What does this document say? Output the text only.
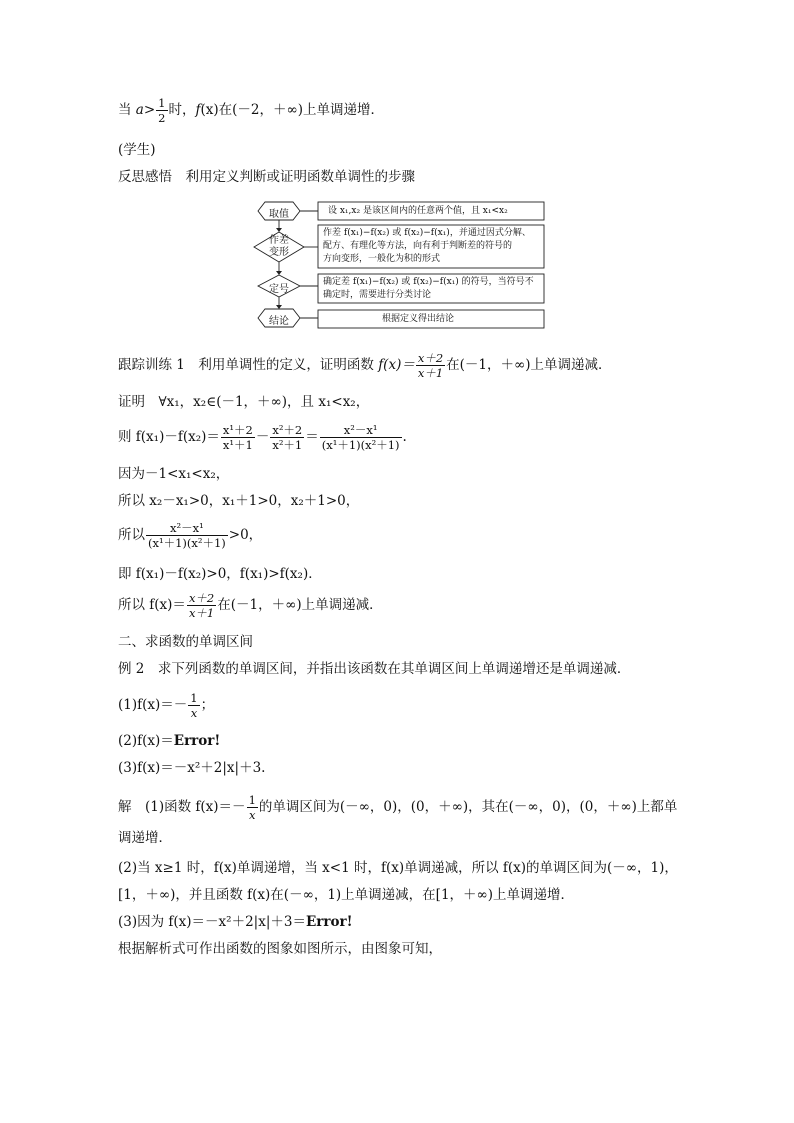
当 $a> \frac{1}{2}$ 时，f(x)在(－2，＋∞)上单调递增．
(学生)
反思感悟　 利用定义判断或证明函数单调性的步骤
取值
作差
变形
定号
结论
设 x₁,x₂ 是该区间内的任意两个值，且 x₁<x₂
作差 f(x₁)−f(x₂) 或 f(x₂)−f(x₁)，并通过因式分解、
配方、有理化等方法，向有利于判断差的符号的
方向变形，一般化为积的形式
确定差 f(x₁)−f(x₂) 或 f(x₂)−f(x₁) 的符号，当符号不
确定时，需要进行分类讨论
根据定义得出结论
跟踪训练 1　 利用单调性的定义，证明函数 $f(x)= \frac{x+2}{x+1}$ 在(－1，＋∞)上单调递减．
证明　∀x₁，x₂∈(－1，＋∞)，且 x₁<x₂，
则 $f(x_1)-f(x_2)= \frac{\text{x¹＋2}}{\text{x¹＋1}} - \frac{\text{x²＋2}}{\text{x²＋1}} = \frac{\text{x²－x¹}}{\text{(x¹＋1)(x²＋1)}}$ .
因为－1<x₁<x₂，
所以 x₂－x₁>0，x₁＋1>0，x₂＋1>0，
所以 $\frac{\text{x²－x¹}}{\text{(x¹＋1)(x²＋1)}} >0$，
即 f(x₁)－f(x₂)>0，f(x₁)>f(x₂)．
所以 $f(x)= \frac{x+2}{x+1}$ 在(－1，＋∞)上单调递减．
二、求函数的单调区间
例 2　 求下列函数的单调区间，并指出该函数在其单调区间上单调递增还是单调递减．
$(1)f(x)=- \frac{1}{x}$ ；
(2)f(x)＝Error!
(3)f(x)＝－x²＋2|x|＋3.
解　(1)函数 $f(x)=- \frac{1}{x}$ 的单调区间为(－∞，0)，(0，＋∞)，其在(－∞，0)，(0，＋∞)上都单
调递增．
(2)当 x≥1 时，f(x)单调递增，当 x<1 时，f(x)单调递减，所以 f(x)的单调区间为(－∞，1)，
[1，＋∞)，并且函数 f(x)在(－∞，1)上单调递减，在[1，＋∞)上单调递增．
(3)因为 f(x)＝－x²＋2|x|＋3＝Error!
根据解析式可作出函数的图象如图所示，由图象可知，
